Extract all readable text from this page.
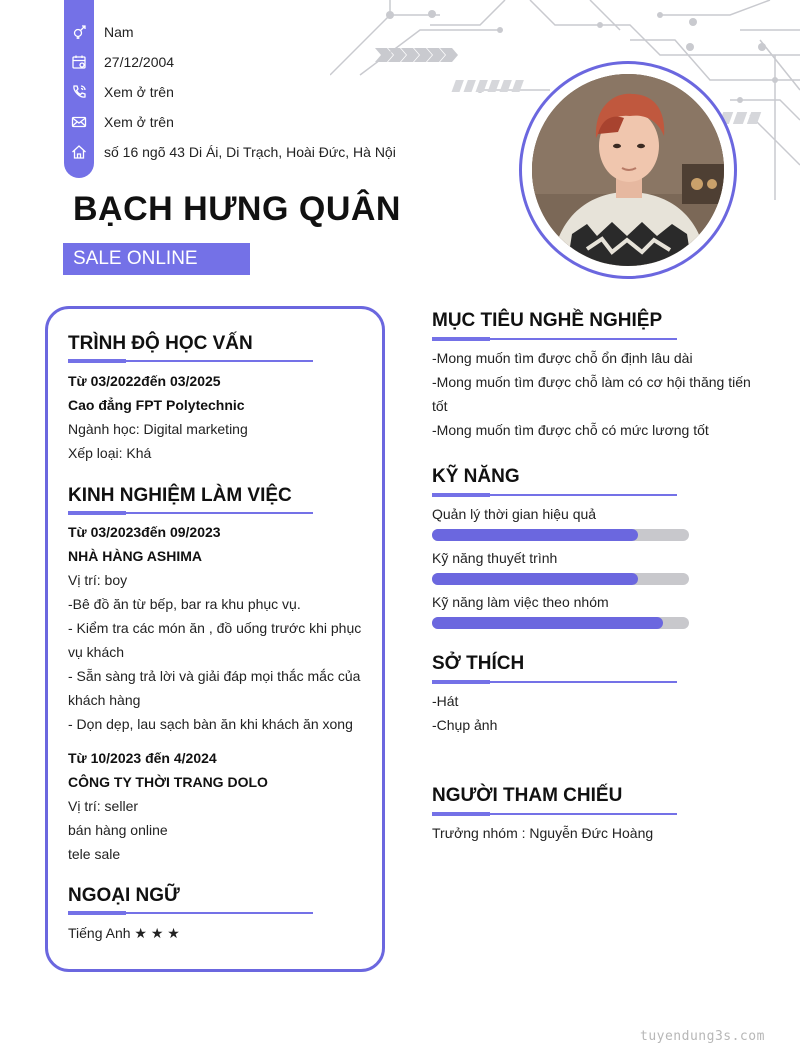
Nam
27/12/2004
Xem ở trên
Xem ở trên
số 16 ngõ 43 Di Ái, Di Trạch, Hoài Đức, Hà Nội
BẠCH HƯNG QUÂN
SALE ONLINE
TRÌNH ĐỘ HỌC VẤN
Từ 03/2022đến 03/2025
Cao đẳng FPT Polytechnic
Ngành học: Digital marketing
Xếp loại: Khá
KINH NGHIỆM LÀM VIỆC
Từ 03/2023đến 09/2023
NHÀ HÀNG ASHIMA
Vị trí: boy
-Bê đồ ăn từ bếp, bar ra khu phục vụ.
- Kiểm tra các món ăn , đồ uống trước khi phục
vụ khách
- Sẵn sàng trả lời và giải đáp mọi thắc mắc của
khách hàng
- Dọn dẹp, lau sạch bàn ăn khi khách ăn xong
Từ 10/2023 đến 4/2024
CÔNG TY THỜI TRANG DOLO
Vị trí: seller
bán hàng online
tele sale
NGOẠI NGỮ
Tiếng Anh ★ ★ ★
MỤC TIÊU NGHỀ NGHIỆP
-Mong muốn tìm được chỗ ổn định lâu dài
-Mong muốn tìm được chỗ làm có cơ hội thăng tiến
tốt
-Mong muốn tìm được chỗ có mức lương tốt
KỸ NĂNG
Quản lý thời gian hiệu quả
Kỹ năng thuyết trình
Kỹ năng làm việc theo nhóm
SỞ THÍCH
-Hát
-Chụp ảnh
NGƯỜI THAM CHIẾU
Trưởng nhóm : Nguyễn Đức Hoàng
tuyendung3s.com
